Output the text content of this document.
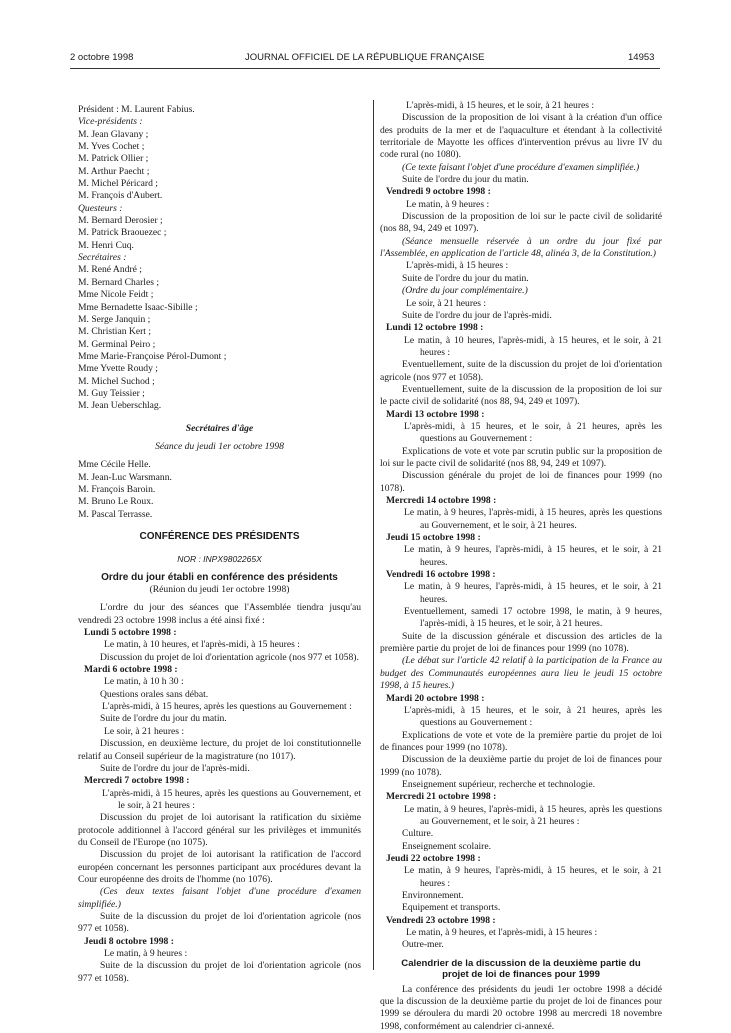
2 octobre 1998	JOURNAL OFFICIEL DE LA RÉPUBLIQUE FRANÇAISE	14953

Président : M. Laurent Fabius.

Vice-présidents :

M. Jean Glavany ;

M. Yves Cochet ;

M. Patrick Ollier ;

M. Arthur Paecht ;

M. Michel Péricard ;

M. François d'Aubert.

Questeurs :

M. Bernard Derosier ;

M. Patrick Braouezec ;

M. Henri Cuq.

Secrétaires :

M. René André ;

M. Bernard Charles ;

Mme Nicole Feidt ;

Mme Bernadette Isaac-Sibille ;

M. Serge Janquin ;

M. Christian Kert ;

M. Germinal Peiro ;

Mme Marie-Françoise Pérol-Dumont ;

Mme Yvette Roudy ;

M. Michel Suchod ;

M. Guy Teissier ;

M. Jean Ueberschlag.

Secrétaires d'âge

Séance du jeudi 1er octobre 1998

Mme Cécile Helle.

M. Jean-Luc Warsmann.

M. François Baroin.

M. Bruno Le Roux.

M. Pascal Terrasse.

CONFÉRENCE DES PRÉSIDENTS

NOR : INPX9802265X

Ordre du jour établi en conférence des présidents

(Réunion du jeudi 1er octobre 1998)

L'ordre du jour des séances que l'Assemblée tiendra jusqu'au vendredi 23 octobre 1998 inclus a été ainsi fixé :

Lundi 5 octobre 1998 :

Le matin, à 10 heures, et l'après-midi, à 15 heures :

Discussion du projet de loi d'orientation agricole (nos 977 et 1058).

Mardi 6 octobre 1998 :

Le matin, à 10 h 30 :

Questions orales sans débat.

L'après-midi, à 15 heures, après les questions au Gouvernement :

Suite de l'ordre du jour du matin.

Le soir, à 21 heures :

Discussion, en deuxième lecture, du projet de loi constitutionnelle relatif au Conseil supérieur de la magistrature (no 1017).

Suite de l'ordre du jour de l'après-midi.

Mercredi 7 octobre 1998 :

L'après-midi, à 15 heures, après les questions au Gouvernement, et le soir, à 21 heures :

Discussion du projet de loi autorisant la ratification du sixième protocole additionnel à l'accord général sur les privilèges et immunités du Conseil de l'Europe (no 1075).

Discussion du projet de loi autorisant la ratification de l'accord européen concernant les personnes participant aux procédures devant la Cour européenne des droits de l'homme (no 1076).

(Ces deux textes faisant l'objet d'une procédure d'examen simplifiée.)

Suite de la discussion du projet de loi d'orientation agricole (nos 977 et 1058).

Jeudi 8 octobre 1998 :

Le matin, à 9 heures :

Suite de la discussion du projet de loi d'orientation agricole (nos 977 et 1058).

L'après-midi, à 15 heures, et le soir, à 21 heures :

Discussion de la proposition de loi visant à la création d'un office des produits de la mer et de l'aquaculture et étendant à la collectivité territoriale de Mayotte les offices d'intervention prévus au livre IV du code rural (no 1080).

(Ce texte faisant l'objet d'une procédure d'examen simplifiée.)

Suite de l'ordre du jour du matin.

Vendredi 9 octobre 1998 :

Le matin, à 9 heures :

Discussion de la proposition de loi sur le pacte civil de solidarité (nos 88, 94, 249 et 1097).

(Séance mensuelle réservée à un ordre du jour fixé par l'Assemblée, en application de l'article 48, alinéa 3, de la Constitution.)

L'après-midi, à 15 heures :

Suite de l'ordre du jour du matin.

(Ordre du jour complémentaire.)

Le soir, à 21 heures :

Suite de l'ordre du jour de l'après-midi.

Lundi 12 octobre 1998 :

Le matin, à 10 heures, l'après-midi, à 15 heures, et le soir, à 21 heures :

Eventuellement, suite de la discussion du projet de loi d'orientation agricole (nos 977 et 1058).

Eventuellement, suite de la discussion de la proposition de loi sur le pacte civil de solidarité (nos 88, 94, 249 et 1097).

Mardi 13 octobre 1998 :

L'après-midi, à 15 heures, et le soir, à 21 heures, après les questions au Gouvernement :

Explications de vote et vote par scrutin public sur la proposition de loi sur le pacte civil de solidarité (nos 88, 94, 249 et 1097).

Discussion générale du projet de loi de finances pour 1999 (no 1078).

Mercredi 14 octobre 1998 :

Le matin, à 9 heures, l'après-midi, à 15 heures, après les questions au Gouvernement, et le soir, à 21 heures.

Jeudi 15 octobre 1998 :

Le matin, à 9 heures, l'après-midi, à 15 heures, et le soir, à 21 heures.

Vendredi 16 octobre 1998 :

Le matin, à 9 heures, l'après-midi, à 15 heures, et le soir, à 21 heures.

Eventuellement, samedi 17 octobre 1998, le matin, à 9 heures, l'après-midi, à 15 heures, et le soir, à 21 heures.

Suite de la discussion générale et discussion des articles de la première partie du projet de loi de finances pour 1999 (no 1078).

(Le débat sur l'article 42 relatif à la participation de la France au budget des Communautés européennes aura lieu le jeudi 15 octobre 1998, à 15 heures.)

Mardi 20 octobre 1998 :

L'après-midi, à 15 heures, et le soir, à 21 heures, après les questions au Gouvernement :

Explications de vote et vote de la première partie du projet de loi de finances pour 1999 (no 1078).

Discussion de la deuxième partie du projet de loi de finances pour 1999 (no 1078).

Enseignement supérieur, recherche et technologie.

Mercredi 21 octobre 1998 :

Le matin, à 9 heures, l'après-midi, à 15 heures, après les questions au Gouvernement, et le soir, à 21 heures :

Culture.

Enseignement scolaire.

Jeudi 22 octobre 1998 :

Le matin, à 9 heures, l'après-midi, à 15 heures, et le soir, à 21 heures :

Environnement.

Equipement et transports.

Vendredi 23 octobre 1998 :

Le matin, à 9 heures, et l'après-midi, à 15 heures :

Outre-mer.

Calendrier de la discussion de la deuxième partie du projet de loi de finances pour 1999

La conférence des présidents du jeudi 1er octobre 1998 a décidé que la discussion de la deuxième partie du projet de loi de finances pour 1999 se déroulera du mardi 20 octobre 1998 au mercredi 18 novembre 1998, conformément au calendrier ci-annexé.
